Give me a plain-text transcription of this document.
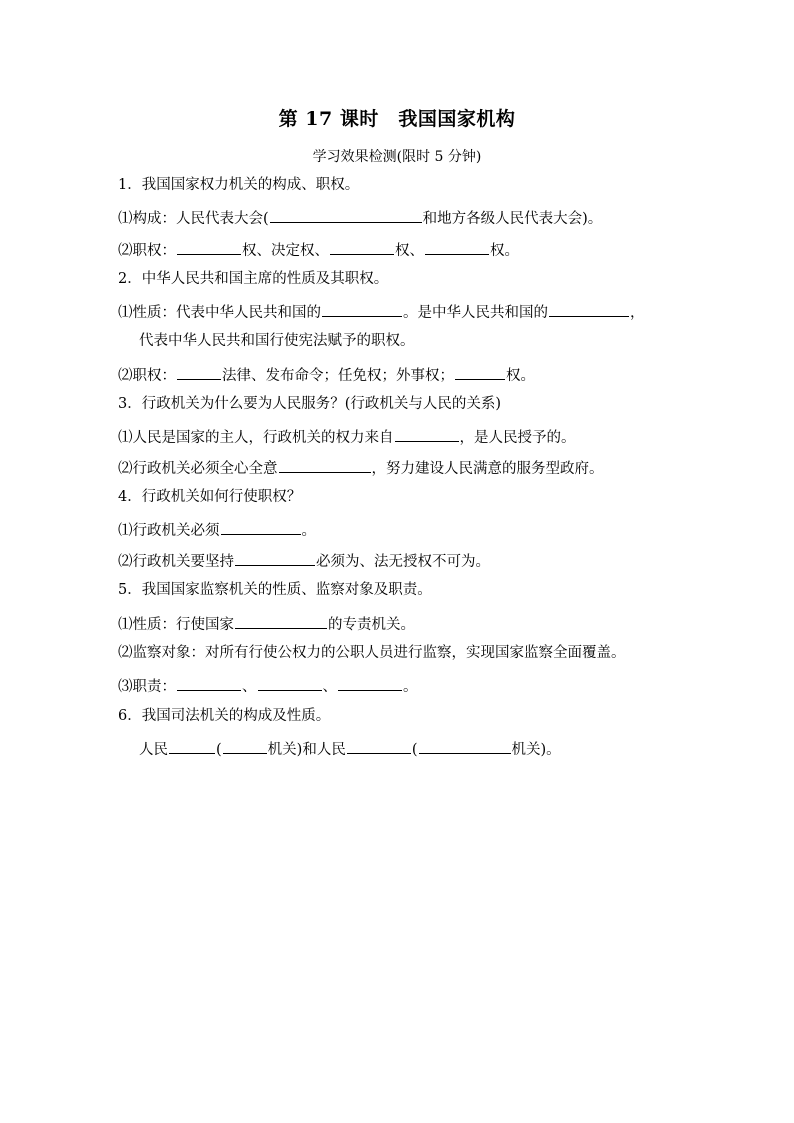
第 17 课时　我国国家机构
学习效果检测(限时 5 分钟)
1．我国国家权力机关的构成、职权。
⑴构成：人民代表大会(	和地方各级人民代表大会)。
⑵职权：	权、决定权、	权、	权。
2．中华人民共和国主席的性质及其职权。
⑴性质：代表中华人民共和国的	。是中华人民共和国的	，
代表中华人民共和国行使宪法赋予的职权。
⑵职权：	法律、发布命令；任免权；外事权；	权。
3．行政机关为什么要为人民服务？(行政机关与人民的关系)
⑴人民是国家的主人，行政机关的权力来自	，是人民授予的。
⑵行政机关必须全心全意	，努力建设人民满意的服务型政府。
4．行政机关如何行使职权？
⑴行政机关必须	。
⑵行政机关要坚持	必须为、法无授权不可为。
5．我国国家监察机关的性质、监察对象及职责。
⑴性质：行使国家	的专责机关。
⑵监察对象：对所有行使公权力的公职人员进行监察，实现国家监察全面覆盖。
⑶职责：	、	、	。
6．我国司法机关的构成及性质。
人民	(	机关)和人民	(	机关)。
